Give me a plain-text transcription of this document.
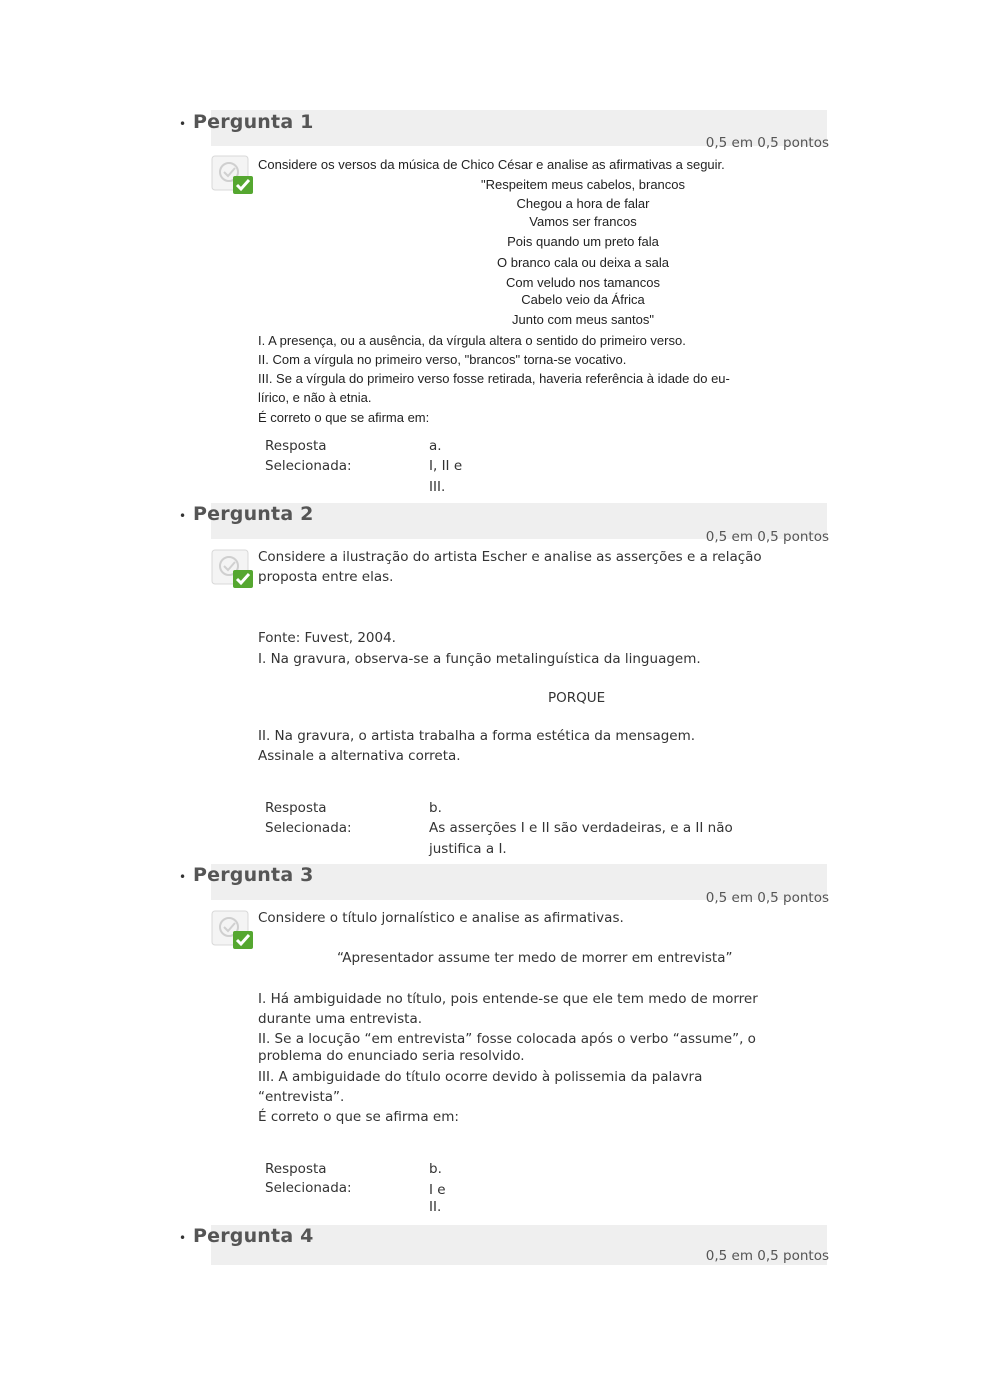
• Pergunta 1
0,5 em 0,5 pontos
Considere os versos da música de Chico César e analise as afirmativas a seguir.
"Respeitem meus cabelos, brancos
Chegou a hora de falar
Vamos ser francos
Pois quando um preto fala
O branco cala ou deixa a sala
Com veludo nos tamancos
Cabelo veio da África
Junto com meus santos"
I. A presença, ou a ausência, da vírgula altera o sentido do primeiro verso.
II. Com a vírgula no primeiro verso, "brancos" torna-se vocativo.
III. Se a vírgula do primeiro verso fosse retirada, haveria referência à idade do eu-
lírico, e não à etnia.
É correto o que se afirma em:
Resposta
Selecionada:
a.
I, II e
III.
• Pergunta 2
0,5 em 0,5 pontos
Considere a ilustração do artista Escher e analise as asserções e a relação
proposta entre elas.
Fonte: Fuvest, 2004.
I. Na gravura, observa-se a função metalinguística da linguagem.
PORQUE
II. Na gravura, o artista trabalha a forma estética da mensagem.
Assinale a alternativa correta.
Resposta
Selecionada:
b.
As asserções I e II são verdadeiras, e a II não
justifica a I.
• Pergunta 3
0,5 em 0,5 pontos
Considere o título jornalístico e analise as afirmativas.
“Apresentador assume ter medo de morrer em entrevista”
I. Há ambiguidade no título, pois entende-se que ele tem medo de morrer
durante uma entrevista.
II. Se a locução “em entrevista” fosse colocada após o verbo “assume”, o
problema do enunciado seria resolvido.
III. A ambiguidade do título ocorre devido à polissemia da palavra
“entrevista”.
É correto o que se afirma em:
Resposta
Selecionada:
b.
I e
II.
• Pergunta 4
0,5 em 0,5 pontos
